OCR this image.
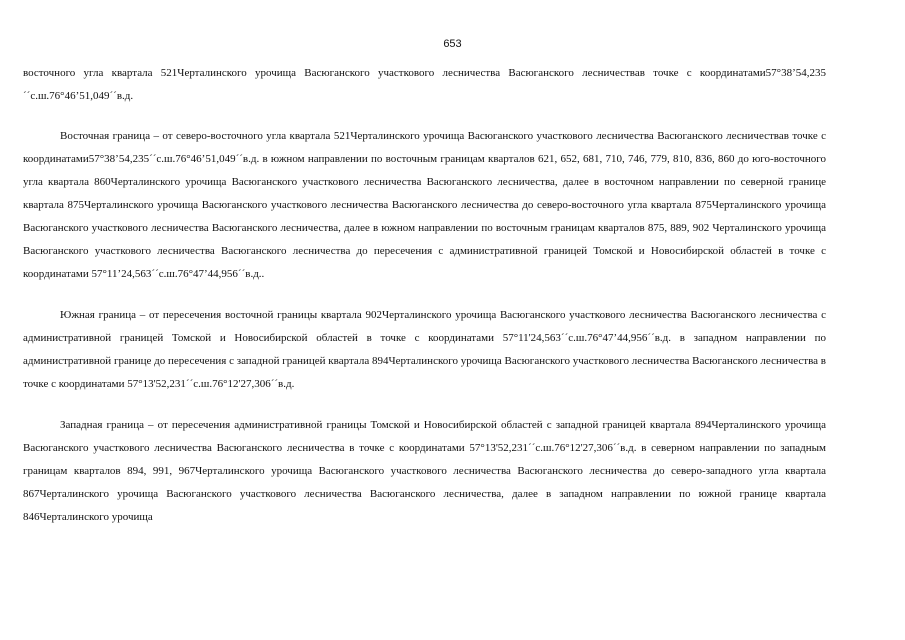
653

восточного угла квартала 521Черталинского урочища Васюганского участкового лесничества Васюганского лесничествав точке с координатами57°38’54,235´´с.ш.76°46’51,049´´в.д.

Восточная граница – от северо-восточного угла квартала 521Черталинского урочища Васюганского участкового лесничества Васюганского лесничествав точке с координатами57°38’54,235´´с.ш.76°46’51,049´´в.д. в южном направлении по восточным границам кварталов 621, 652, 681, 710, 746, 779, 810, 836, 860 до юго-восточного угла квартала 860Черталинского урочища Васюганского участкового лесничества Васюганского лесничества, далее в восточном направлении по северной границе квартала 875Черталинского урочища Васюганского участкового лесничества Васюганского лесничества до северо-восточного угла квартала 875Черталинского урочища Васюганского участкового лесничества Васюганского лесничества, далее в южном направлении по восточным границам кварталов 875, 889, 902 Черталинского урочища Васюганского участкового лесничества Васюганского лесничества до пересечения с административной границей Томской и Новосибирской областей в точке с координатами 57°11’24,563´´с.ш.76°47’44,956´´в.д..

Южная граница – от пересечения восточной границы квартала 902Черталинского урочища Васюганского участкового лесничества Васюганского лесничества с административной границей Томской и Новосибирской областей в точке с координатами 57°11'24,563´´с.ш.76°47’44,956´´в.д. в западном направлении по административной границе до пересечения с западной границей квартала 894Черталинского урочища Васюганского участкового лесничества Васюганского лесничества в точке с координатами 57°13'52,231´´с.ш.76°12'27,306´´в.д.

Западная граница – от пересечения административной границы Томской и Новосибирской областей с западной границей квартала 894Черталинского урочища Васюганского участкового лесничества Васюганского лесничества в точке с координатами 57°13'52,231´´с.ш.76°12'27,306´´в.д. в северном направлении по западным границам кварталов 894, 991, 967Черталинского урочища Васюганского участкового лесничества Васюганского лесничества до северо-западного угла квартала 867Черталинского урочища Васюганского участкового лесничества Васюганского лесничества, далее в западном направлении по южной границе квартала 846Черталинского урочища
